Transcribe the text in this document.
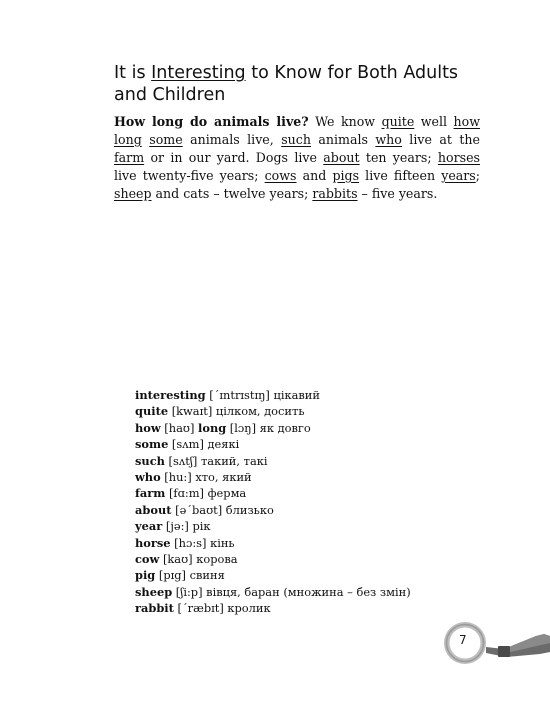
It is Interesting to Know for Both Adults and Children
How long do animals live? We know quite well how long some animals live, such animals who live at the farm or in our yard. Dogs live about ten years; horses live twenty-five years; cows and pigs live fifteen years; sheep and cats – twelve years; rabbits – five years.
interesting [ˊɪntrɪstɪŋ] цікавий
quite [kwaɪt] цілком, досить
how [haʊ] long [lɔŋ] як довго
some [sʌm] деякі
such [sʌtʃ] такий, такі
who [hu:] хто, який
farm [fɑ:m] ферма
about [əˊbaʊt] близько
year [jə:] рік
horse [hɔ:s] кінь
cow [kaʊ] корова
pig [pɪg] свиня
sheep [ʃi:p] вівця, баран (множина – без змін)
rabbit [ˊræbɪt] кролик
7
